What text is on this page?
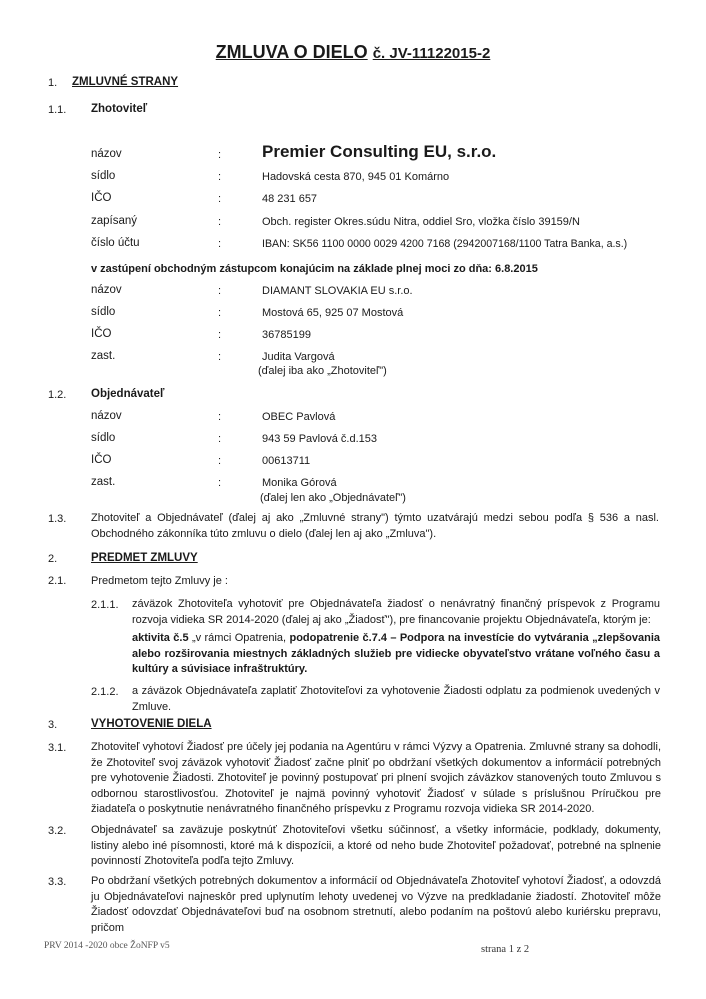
ZMLUVA O DIELO č. JV-11122015-2
1. ZMLUVNÉ STRANY
1.1. Zhotoviteľ
názov	: Premier Consulting EU, s.r.o.
sídlo	:	Hadovská cesta 870, 945 01 Komárno
IČO	:	48 231 657
zapísaný	:	Obch. register Okres.súdu Nitra, oddiel Sro, vložka číslo 39159/N
číslo účtu	:	IBAN: SK56 1100 0000 0029 4200 7168 (2942007168/1100 Tatra Banka, a.s.)
v zastúpení obchodným zástupcom konajúcim na základe plnej moci zo dňa: 6.8.2015
názov	:	DIAMANT SLOVAKIA EU s.r.o.
sídlo	:	Mostová 65, 925 07 Mostová
IČO	:	36785199
zast.	:	Judita Vargová
(ďalej iba ako „Zhotoviteľ")
1.2. Objednávateľ
názov	:	OBEC Pavlová
sídlo	:	943 59 Pavlová č.d.153
IČO	:	00613711
zast.	:	Monika Górová
(ďalej len ako „Objednávateľ")
1.3. Zhotoviteľ a Objednávateľ (ďalej aj ako „Zmluvné strany") týmto uzatvárajú medzi sebou podľa § 536 a nasl. Obchodného zákonníka túto zmluvu o dielo (ďalej len aj ako „Zmluva").
2.	PREDMET ZMLUVY
2.1. Predmetom tejto Zmluvy je :
2.1.1. záväzok Zhotoviteľa vyhotoviť pre Objednávateľa žiadosť o nenávratný finančný príspevok z Programu rozvoja vidieka SR 2014-2020 (ďalej aj ako „Žiadosť"), pre financovanie projektu Objednávateľa, ktorým je:
aktivita č.5 „v rámci Opatrenia, podopatrenie č.7.4 – Podpora na investície do vytvárania „zlepšovania alebo rozširovania miestnych základných služieb pre vidiecke obyvateľstvo vrátane voľného času a kultúry a súvisiace infraštruktúry.
2.1.2. a záväzok Objednávateľa zaplatiť Zhotoviteľovi za vyhotovenie Žiadosti odplatu za podmienok uvedených v Zmluve.
3.	VYHOTOVENIE DIELA
3.1. Zhotoviteľ vyhotoví Žiadosť pre účely jej podania na Agentúru v rámci Výzvy a Opatrenia. Zmluvné strany sa dohodli, že Zhotoviteľ svoj záväzok vyhotoviť Žiadosť začne plniť po obdržaní všetkých dokumentov a informácií potrebných pre vyhotovenie Žiadosti. Zhotoviteľ je povinný postupovať pri plnení svojich záväzkov stanovených touto Zmluvou s odbornou starostlivosťou. Zhotoviteľ je najmä povinný vyhotoviť Žiadosť v súlade s príslušnou Príručkou pre žiadateľa o poskytnutie nenávratného finančného príspevku z Programu rozvoja vidieka SR 2014-2020.
3.2. Objednávateľ sa zaväzuje poskytnúť Zhotoviteľovi všetku súčinnosť, a všetky informácie, podklady, dokumenty, listiny alebo iné písomnosti, ktoré má k dispozícii, a ktoré od neho bude Zhotoviteľ požadovať, potrebné na splnenie povinností Zhotoviteľa podľa tejto Zmluvy.
3.3. Po obdržaní všetkých potrebných dokumentov a informácií od Objednávateľa Zhotoviteľ vyhotoví Žiadosť, a odovzdá ju Objednávateľovi najneskôr pred uplynutím lehoty uvedenej vo Výzve na predkladanie žiadostí. Zhotoviteľ môže Žiadosť odovzdať Objednávateľovi buď na osobnom stretnutí, alebo podaním na poštovú alebo kuriérsku prepravu, pričom
PRV 2014 -2020 obce ŽoNFP v5	strana 1 z 2
